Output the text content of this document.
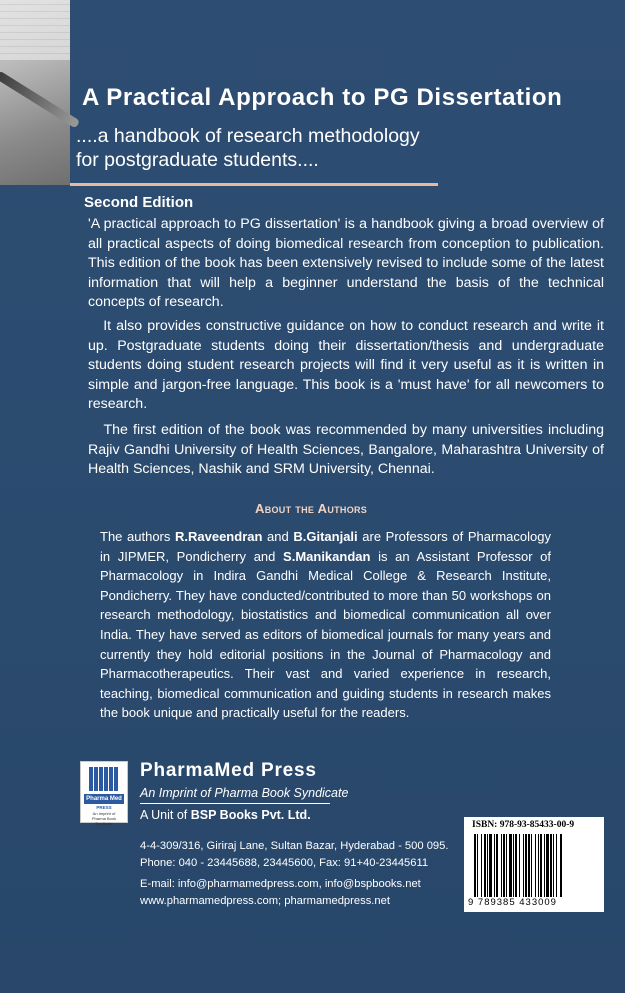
A Practical Approach to PG Dissertation
....a handbook of research methodology
for postgraduate students....
Second Edition
'A practical approach to PG dissertation' is a handbook giving a broad overview of all practical aspects of doing biomedical research from conception to publication. This edition of the book has been extensively revised to include some of the latest information that will help a beginner understand the basis of the technical concepts of research.
It also provides constructive guidance on how to conduct research and write it up. Postgraduate students doing their dissertation/thesis and undergraduate students doing student research projects will find it very useful as it is written in simple and jargon-free language. This book is a 'must have' for all newcomers to research.
The first edition of the book was recommended by many universities including Rajiv Gandhi University of Health Sciences, Bangalore, Maharashtra University of Health Sciences, Nashik and SRM University, Chennai.
About the Authors
The authors R.Raveendran and B.Gitanjali are Professors of Pharmacology in JIPMER, Pondicherry and S.Manikandan is an Assistant Professor of Pharmacology in Indira Gandhi Medical College & Research Institute, Pondicherry. They have conducted/contributed to more than 50 workshops on research methodology, biostatistics and biomedical communication all over India. They have served as editors of biomedical journals for many years and currently they hold editorial positions in the Journal of Pharmacology and Pharmacotherapeutics. Their vast and varied experience in research, teaching, biomedical communication and guiding students in research makes the book unique and practically useful for the readers.
Pharma Med
PRESS
An Imprint of
Pharma Book Syndicate
PharmaMed Press
An Imprint of Pharma Book Syndicate
A Unit of BSP Books Pvt. Ltd.
4-4-309/316, Giriraj Lane, Sultan Bazar, Hyderabad - 500 095.
Phone: 040 - 23445688, 23445600, Fax: 91+40-23445611
E-mail: info@pharmamedpress.com, info@bspbooks.net
www.pharmamedpress.com; pharmamedpress.net
ISBN: 978-93-85433-00-9
9 789385 433009
